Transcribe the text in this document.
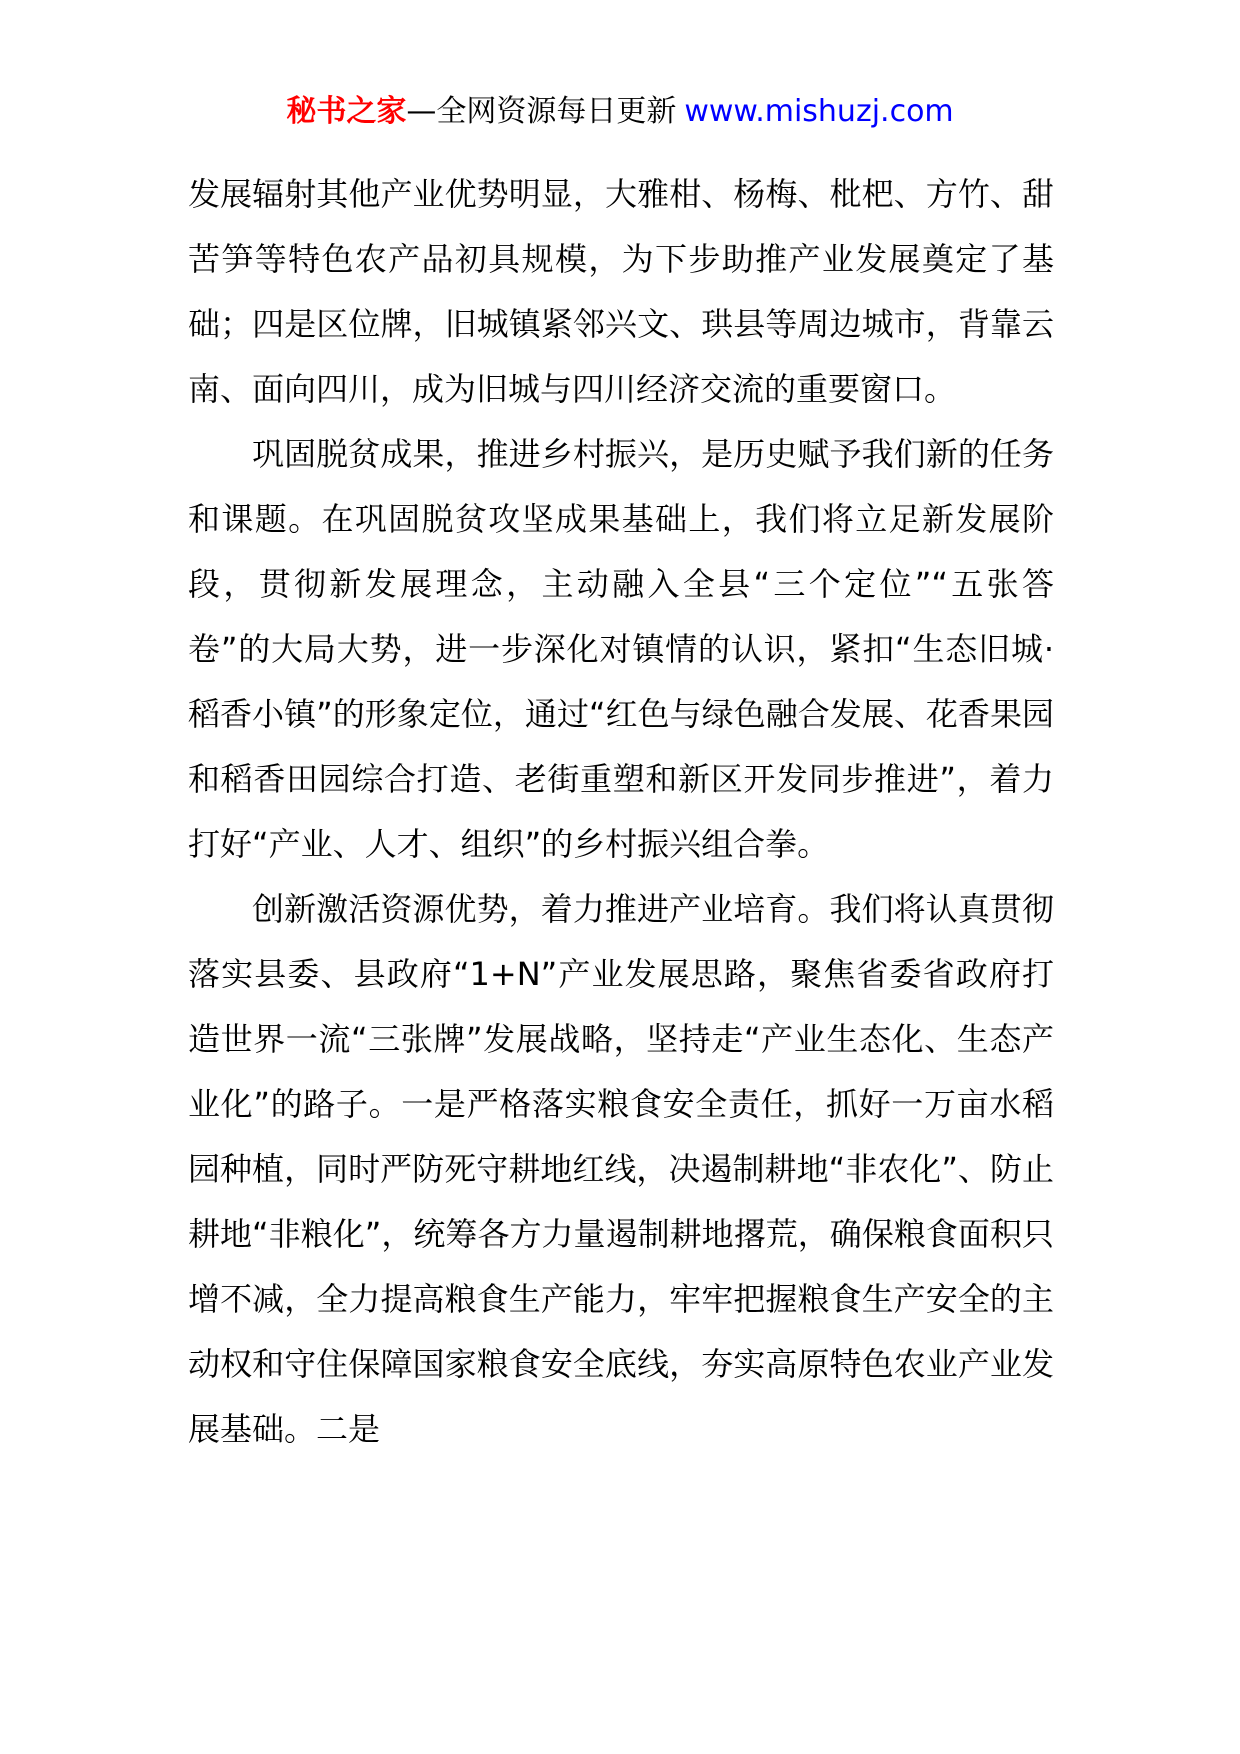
秘书之家—全网资源每日更新 www.mishuzj.com

发展辐射其他产业优势明显，大雅柑、杨梅、枇杷、方竹、甜苦笋等特色农产品初具规模，为下步助推产业发展奠定了基础；四是区位牌，旧城镇紧邻兴文、珙县等周边城市，背靠云南、面向四川，成为旧城与四川经济交流的重要窗口。

巩固脱贫成果，推进乡村振兴，是历史赋予我们新的任务和课题。在巩固脱贫攻坚成果基础上，我们将立足新发展阶段，贯彻新发展理念，主动融入全县“三个定位”“五张答卷”的大局大势，进一步深化对镇情的认识，紧扣“生态旧城·稻香小镇”的形象定位，通过“红色与绿色融合发展、花香果园和稻香田园综合打造、老街重塑和新区开发同步推进”，着力打好“产业、人才、组织”的乡村振兴组合拳。

创新激活资源优势，着力推进产业培育。我们将认真贯彻落实县委、县政府“1+N”产业发展思路，聚焦省委省政府打造世界一流“三张牌”发展战略，坚持走“产业生态化、生态产业化”的路子。一是严格落实粮食安全责任，抓好一万亩水稻园种植，同时严防死守耕地红线，决遏制耕地“非农化”、防止耕地“非粮化”，统筹各方力量遏制耕地撂荒，确保粮食面积只增不减，全力提高粮食生产能力，牢牢把握粮食生产安全的主动权和守住保障国家粮食安全底线，夯实高原特色农业产业发展基础。二是
